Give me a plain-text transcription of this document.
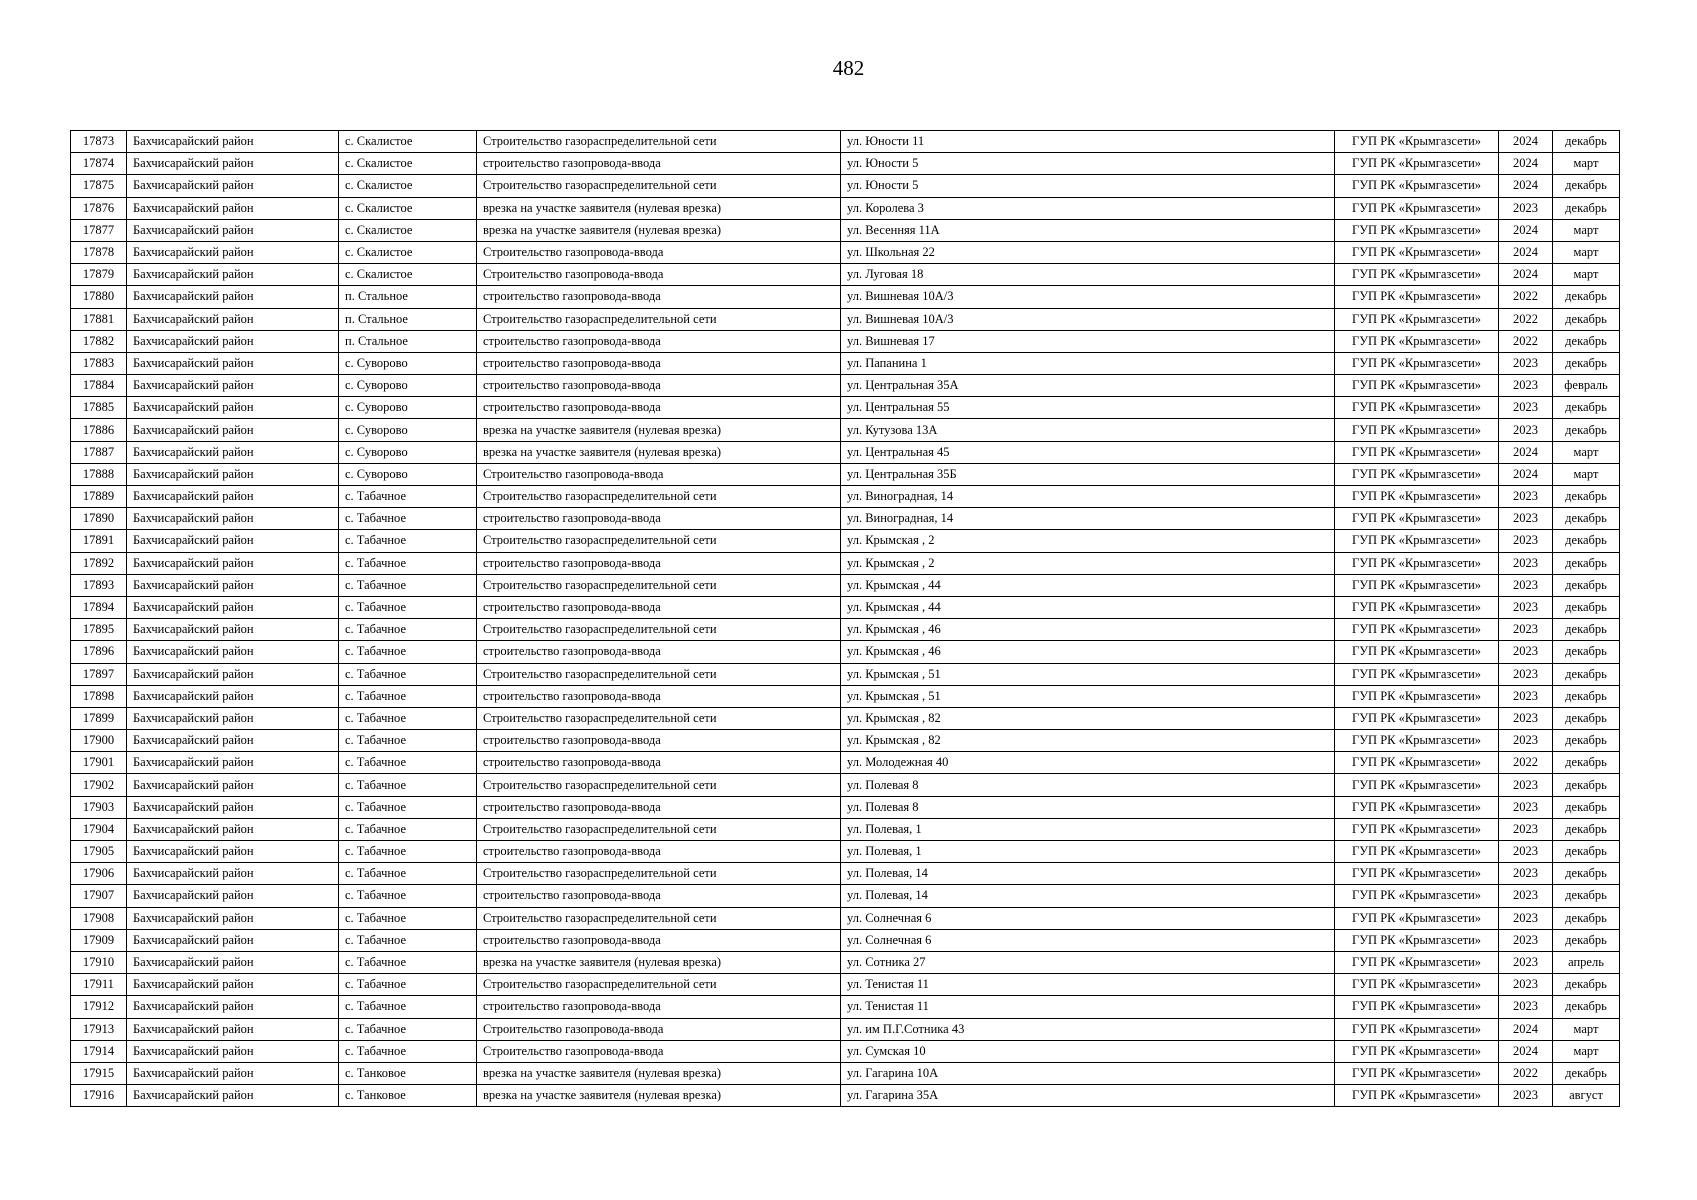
482
17873	Бахчисарайский район	с. Скалистое	Строительство газораспределительной сети	ул. Юности 11	ГУП РК «Крымгазсети»	2024	декабрь
17874	Бахчисарайский район	с. Скалистое	строительство газопровода-ввода	ул. Юности 5	ГУП РК «Крымгазсети»	2024	март
17875	Бахчисарайский район	с. Скалистое	Строительство газораспределительной сети	ул. Юности 5	ГУП РК «Крымгазсети»	2024	декабрь
17876	Бахчисарайский район	с. Скалистое	врезка на участке заявителя (нулевая врезка)	ул. Королева 3	ГУП РК «Крымгазсети»	2023	декабрь
17877	Бахчисарайский район	с. Скалистое	врезка на участке заявителя (нулевая врезка)	ул. Весенняя 11А	ГУП РК «Крымгазсети»	2024	март
17878	Бахчисарайский район	с. Скалистое	Строительство газопровода-ввода	ул. Школьная 22	ГУП РК «Крымгазсети»	2024	март
17879	Бахчисарайский район	с. Скалистое	Строительство газопровода-ввода	ул. Луговая 18	ГУП РК «Крымгазсети»	2024	март
17880	Бахчисарайский район	п. Стальное	строительство газопровода-ввода	ул. Вишневая 10А/3	ГУП РК «Крымгазсети»	2022	декабрь
17881	Бахчисарайский район	п. Стальное	Строительство газораспределительной сети	ул. Вишневая 10А/3	ГУП РК «Крымгазсети»	2022	декабрь
17882	Бахчисарайский район	п. Стальное	строительство газопровода-ввода	ул. Вишневая 17	ГУП РК «Крымгазсети»	2022	декабрь
17883	Бахчисарайский район	с. Суворово	строительство газопровода-ввода	ул. Папанина 1	ГУП РК «Крымгазсети»	2023	декабрь
17884	Бахчисарайский район	с. Суворово	строительство газопровода-ввода	ул. Центральная 35А	ГУП РК «Крымгазсети»	2023	февраль
17885	Бахчисарайский район	с. Суворово	строительство газопровода-ввода	ул. Центральная 55	ГУП РК «Крымгазсети»	2023	декабрь
17886	Бахчисарайский район	с. Суворово	врезка на участке заявителя (нулевая врезка)	ул. Кутузова 13А	ГУП РК «Крымгазсети»	2023	декабрь
17887	Бахчисарайский район	с. Суворово	врезка на участке заявителя (нулевая врезка)	ул. Центральная 45	ГУП РК «Крымгазсети»	2024	март
17888	Бахчисарайский район	с. Суворово	Строительство газопровода-ввода	ул. Центральная 35Б	ГУП РК «Крымгазсети»	2024	март
17889	Бахчисарайский район	с. Табачное	Строительство газораспределительной сети	ул. Виноградная, 14	ГУП РК «Крымгазсети»	2023	декабрь
17890	Бахчисарайский район	с. Табачное	строительство газопровода-ввода	ул. Виноградная, 14	ГУП РК «Крымгазсети»	2023	декабрь
17891	Бахчисарайский район	с. Табачное	Строительство газораспределительной сети	ул. Крымская , 2	ГУП РК «Крымгазсети»	2023	декабрь
17892	Бахчисарайский район	с. Табачное	строительство газопровода-ввода	ул. Крымская , 2	ГУП РК «Крымгазсети»	2023	декабрь
17893	Бахчисарайский район	с. Табачное	Строительство газораспределительной сети	ул. Крымская , 44	ГУП РК «Крымгазсети»	2023	декабрь
17894	Бахчисарайский район	с. Табачное	строительство газопровода-ввода	ул. Крымская , 44	ГУП РК «Крымгазсети»	2023	декабрь
17895	Бахчисарайский район	с. Табачное	Строительство газораспределительной сети	ул. Крымская , 46	ГУП РК «Крымгазсети»	2023	декабрь
17896	Бахчисарайский район	с. Табачное	строительство газопровода-ввода	ул. Крымская , 46	ГУП РК «Крымгазсети»	2023	декабрь
17897	Бахчисарайский район	с. Табачное	Строительство газораспределительной сети	ул. Крымская , 51	ГУП РК «Крымгазсети»	2023	декабрь
17898	Бахчисарайский район	с. Табачное	строительство газопровода-ввода	ул. Крымская , 51	ГУП РК «Крымгазсети»	2023	декабрь
17899	Бахчисарайский район	с. Табачное	Строительство газораспределительной сети	ул. Крымская , 82	ГУП РК «Крымгазсети»	2023	декабрь
17900	Бахчисарайский район	с. Табачное	строительство газопровода-ввода	ул. Крымская , 82	ГУП РК «Крымгазсети»	2023	декабрь
17901	Бахчисарайский район	с. Табачное	строительство газопровода-ввода	ул. Молодежная 40	ГУП РК «Крымгазсети»	2022	декабрь
17902	Бахчисарайский район	с. Табачное	Строительство газораспределительной сети	ул. Полевая 8	ГУП РК «Крымгазсети»	2023	декабрь
17903	Бахчисарайский район	с. Табачное	строительство газопровода-ввода	ул. Полевая 8	ГУП РК «Крымгазсети»	2023	декабрь
17904	Бахчисарайский район	с. Табачное	Строительство газораспределительной сети	ул. Полевая, 1	ГУП РК «Крымгазсети»	2023	декабрь
17905	Бахчисарайский район	с. Табачное	строительство газопровода-ввода	ул. Полевая, 1	ГУП РК «Крымгазсети»	2023	декабрь
17906	Бахчисарайский район	с. Табачное	Строительство газораспределительной сети	ул. Полевая, 14	ГУП РК «Крымгазсети»	2023	декабрь
17907	Бахчисарайский район	с. Табачное	строительство газопровода-ввода	ул. Полевая, 14	ГУП РК «Крымгазсети»	2023	декабрь
17908	Бахчисарайский район	с. Табачное	Строительство газораспределительной сети	ул. Солнечная 6	ГУП РК «Крымгазсети»	2023	декабрь
17909	Бахчисарайский район	с. Табачное	строительство газопровода-ввода	ул. Солнечная 6	ГУП РК «Крымгазсети»	2023	декабрь
17910	Бахчисарайский район	с. Табачное	врезка на участке заявителя (нулевая врезка)	ул. Сотника 27	ГУП РК «Крымгазсети»	2023	апрель
17911	Бахчисарайский район	с. Табачное	Строительство газораспределительной сети	ул. Тенистая 11	ГУП РК «Крымгазсети»	2023	декабрь
17912	Бахчисарайский район	с. Табачное	строительство газопровода-ввода	ул. Тенистая 11	ГУП РК «Крымгазсети»	2023	декабрь
17913	Бахчисарайский район	с. Табачное	Строительство газопровода-ввода	ул. им П.Г.Сотника 43	ГУП РК «Крымгазсети»	2024	март
17914	Бахчисарайский район	с. Табачное	Строительство газопровода-ввода	ул. Сумская 10	ГУП РК «Крымгазсети»	2024	март
17915	Бахчисарайский район	с. Танковое	врезка на участке заявителя (нулевая врезка)	ул. Гагарина 10А	ГУП РК «Крымгазсети»	2022	декабрь
17916	Бахчисарайский район	с. Танковое	врезка на участке заявителя (нулевая врезка)	ул. Гагарина 35А	ГУП РК «Крымгазсети»	2023	август
